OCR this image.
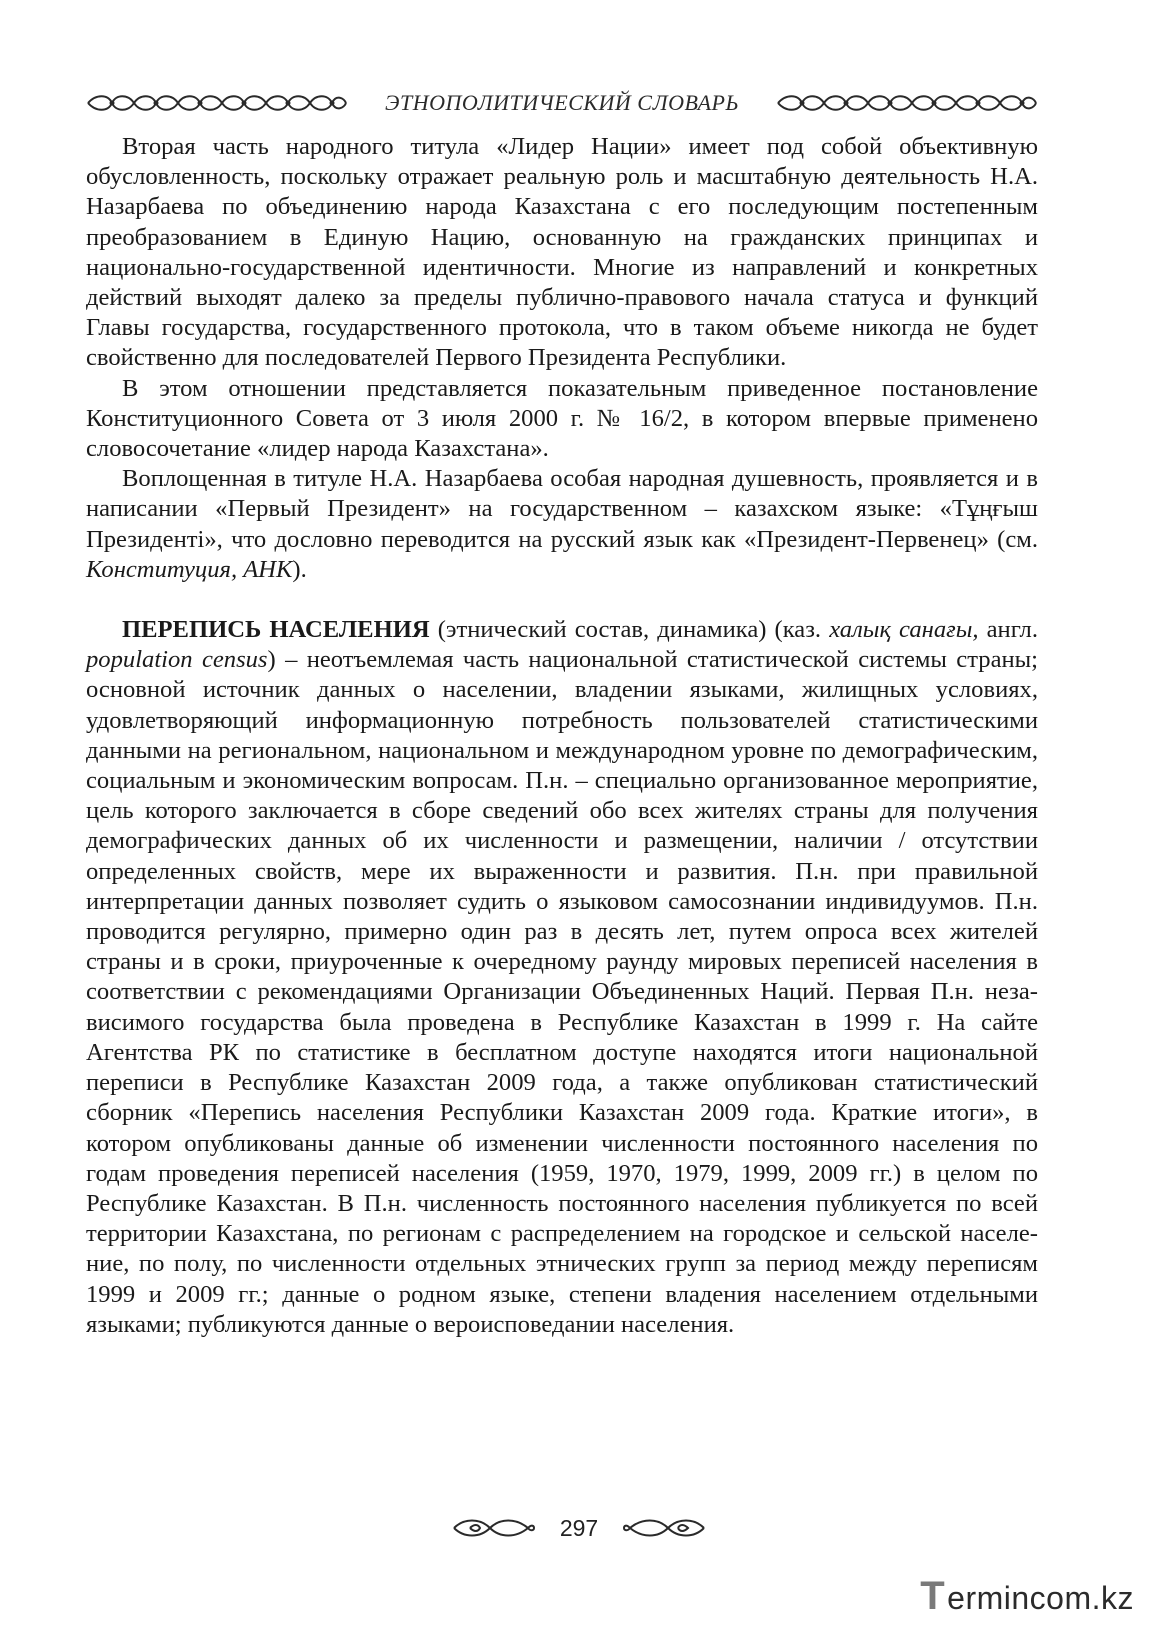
ЭТНОПОЛИТИЧЕСКИЙ СЛОВАРЬ

Вторая часть народного титула «Лидер Нации» имеет под собой объективную обусловленность, поскольку отражает реальную роль и масштабную деятельность Н.А. Назарбаева по объединению народа Казахстана с его последующим постепенным преобразованием в Единую Нацию, основанную на гражданских принципах и национально-государственной идентичности. Многие из направлений и конкретных действий выходят далеко за пределы публично-правового начала статуса и функций Главы государства, государственного протокола, что в таком объеме никогда не будет свойственно для последователей Первого Президента Республики.

В этом отношении представляется показательным приведенное постановление Конституционного Совета от 3 июля 2000 г. № 16/2, в котором впервые применено словосочетание «лидер народа Казахстана».

Воплощенная в титуле Н.А. Назарбаева особая народная душевность, проявляется и в написании «Первый Президент» на государственном – казахском языке: «Тұңғыш Президенті», что дословно переводится на русский язык как «Президент-Первенец» (см. Конституция, АНК).

ПЕРЕПИСЬ НАСЕЛЕНИЯ (этнический состав, динамика) (каз. халық санағы, англ. population census) – неотъемлемая часть национальной статистической системы страны; основной источник данных о населении, владении языками, жилищных условиях, удовлетворяющий информационную потребность пользователей статистическими данными на региональном, национальном и международном уровне по демографическим, социальным и экономическим вопросам. П.н. – специально организованное мероприятие, цель которого заключается в сборе сведений обо всех жителях страны для получения демографических данных об их численности и размещении, наличии / отсутствии определенных свойств, мере их выраженности и развития. П.н. при правильной интерпретации данных позволяет судить о языковом самосознании индивидуумов. П.н. проводится регулярно, примерно один раз в десять лет, путем опроса всех жителей страны и в сроки, приуроченные к очередному раунду мировых переписей населения в соответствии с рекомендациями Организации Объединенных Наций. Первая П.н. независимого государства была проведена в Республике Казахстан в 1999 г. На сайте Агентства РК по статистике в бесплатном доступе находятся итоги национальной переписи в Республике Казахстан 2009 года, а также опубликован статистический сборник «Перепись населения Республики Казахстан 2009 года. Краткие итоги», в котором опубликованы данные об изменении численности постоянного населения по годам проведения переписей населения (1959, 1970, 1979, 1999, 2009 гг.) в целом по Республике Казахстан. В П.н. численность постоянного населения публикуется по всей территории Казахстана, по регионам с распределением на городское и сельской население, по полу, по численности отдельных этнических групп за период между переписям 1999 и 2009 гг.; данные о родном языке, степени владения населением отдельными языками; публикуются данные о вероисповедании населения.

297
T erminc o m.kz
